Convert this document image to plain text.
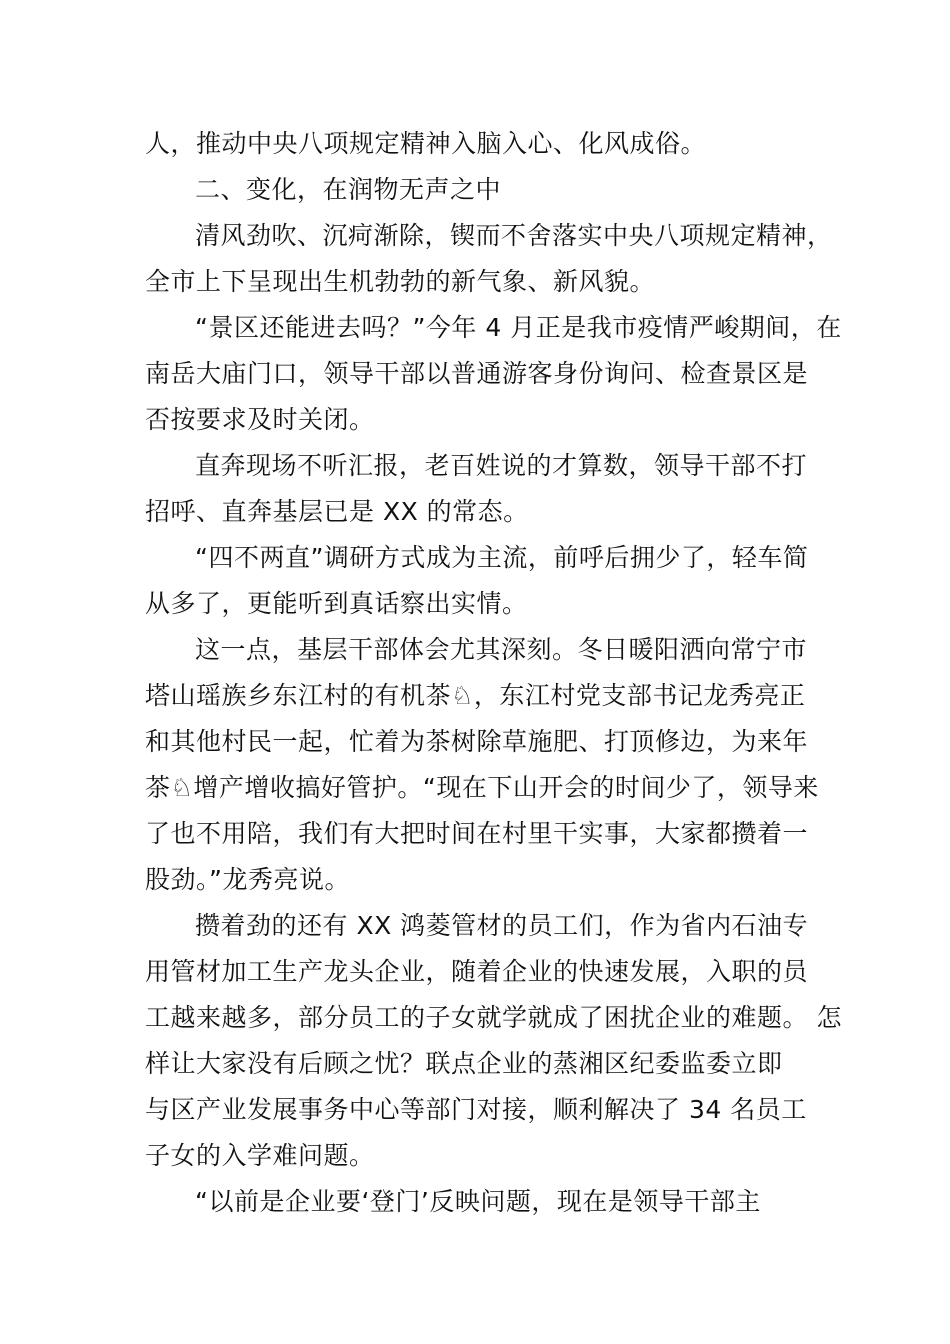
人，推动中央八项规定精神入脑入心、化风成俗。
二、变化，在润物无声之中
清风劲吹、沉疴渐除，锲而不舍落实中央八项规定精神，
全市上下呈现出生机勃勃的新气象、新风貌。
“景区还能进去吗？”今年 4 月正是我市疫情严峻期间，在
南岳大庙门口，领导干部以普通游客身份询问、检查景区是
否按要求及时关闭。
直奔现场不听汇报，老百姓说的才算数，领导干部不打
招呼、直奔基层已是 XX 的常态。
“四不两直”调研方式成为主流，前呼后拥少了，轻车简
从多了，更能听到真话察出实情。
这一点，基层干部体会尤其深刻。冬日暖阳洒向常宁市
塔山瑶族乡东江村的有机茶♘，东江村党支部书记龙秀亮正
和其他村民一起，忙着为茶树除草施肥、打顶修边，为来年
茶♘增产增收搞好管护。“现在下山开会的时间少了，领导来
了也不用陪，我们有大把时间在村里干实事，大家都攒着一
股劲。”龙秀亮说。
攒着劲的还有 XX 鸿菱管材的员工们，作为省内石油专
用管材加工生产龙头企业，随着企业的快速发展，入职的员
工越来越多，部分员工的子女就学就成了困扰企业的难题。 怎
样让大家没有后顾之忧？联点企业的蒸湘区纪委监委立即
与区产业发展事务中心等部门对接，顺利解决了 34 名员工
子女的入学难问题。
“以前是企业要‘登门’反映问题，现在是领导干部主
